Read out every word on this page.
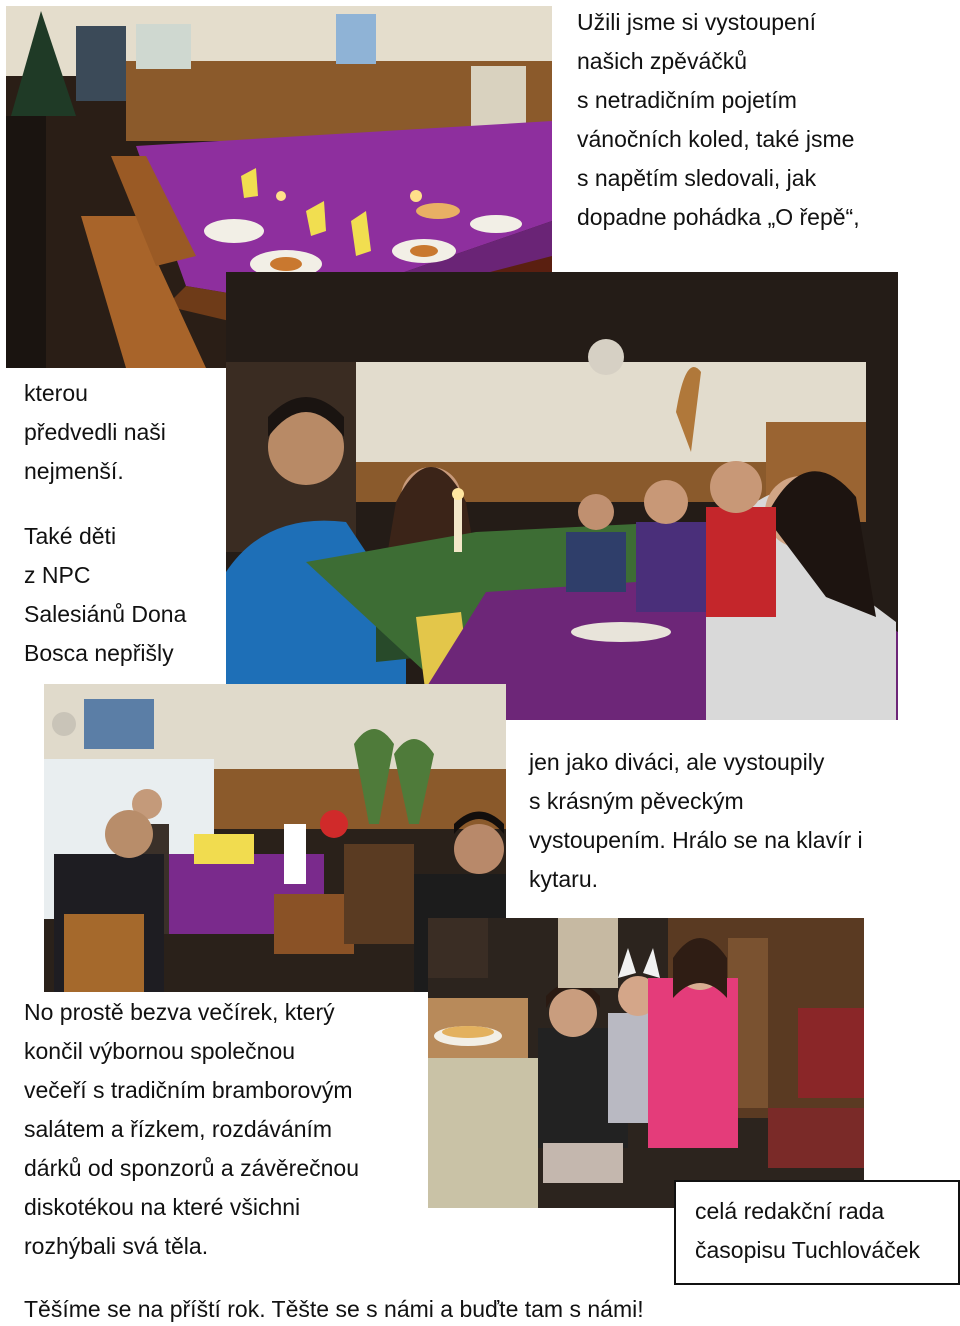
Užili jsme si vystoupení
našich zpěváčků
s netradičním pojetím
vánočních koled, také jsme
s napětím sledovali, jak
dopadne pohádka „O řepě“,
kterou
předvedli naši
nejmenší.
Také děti
z NPC
Salesiánů Dona
Bosca nepřišly
jen jako diváci, ale vystoupily
s krásným pěveckým
vystoupením. Hrálo se na klavír i
kytaru.
No prostě bezva večírek, který
končil výbornou společnou
večeří s tradičním bramborovým
salátem a řízkem, rozdáváním
dárků od sponzorů a závěrečnou
diskotékou na které všichni
rozhýbali svá těla.
celá redakční rada
časopisu Tuchlováček
Těšíme se na příští rok. Těšte se s námi a buďte tam s námi!
